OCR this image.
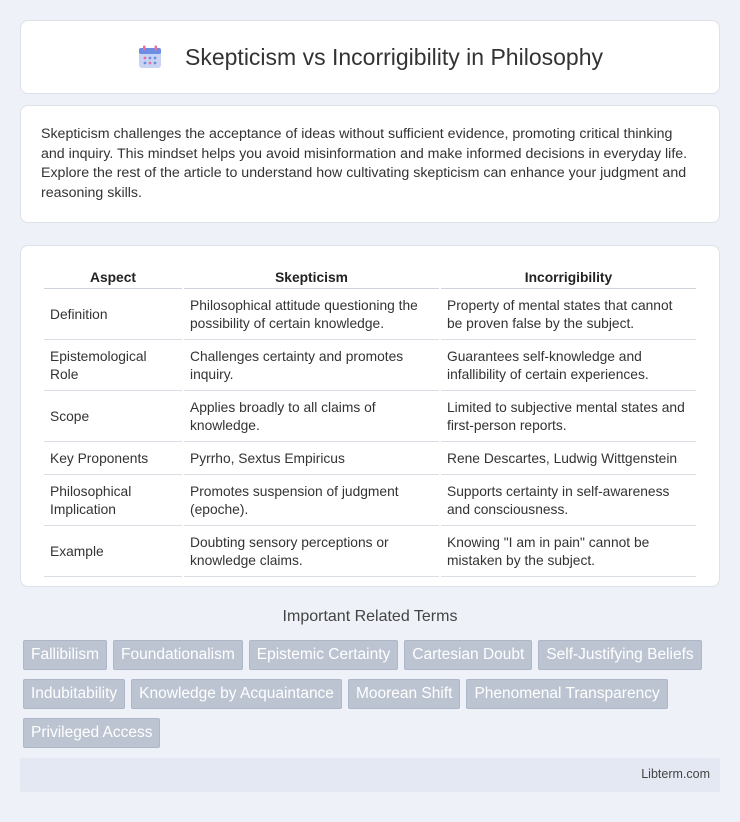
Skepticism vs Incorrigibility in Philosophy

Skepticism challenges the acceptance of ideas without sufficient evidence, promoting critical thinking and inquiry. This mindset helps you avoid misinformation and make informed decisions in everyday life. Explore the rest of the article to understand how cultivating skepticism can enhance your judgment and reasoning skills.

Aspect	Skepticism	Incorrigibility
Definition	Philosophical attitude questioning the possibility of certain knowledge.	Property of mental states that cannot be proven false by the subject.
Epistemological Role	Challenges certainty and promotes inquiry.	Guarantees self-knowledge and infallibility of certain experiences.
Scope	Applies broadly to all claims of knowledge.	Limited to subjective mental states and first-person reports.
Key Proponents	Pyrrho, Sextus Empiricus	Rene Descartes, Ludwig Wittgenstein
Philosophical Implication	Promotes suspension of judgment (epoche).	Supports certainty in self-awareness and consciousness.
Example	Doubting sensory perceptions or knowledge claims.	Knowing "I am in pain" cannot be mistaken by the subject.
Important Related Terms
Fallibilism	Foundationalism	Epistemic Certainty	Cartesian Doubt	Self-Justifying Beliefs
Indubitability	Knowledge by Acquaintance	Moorean Shift	Phenomenal Transparency
Privileged Access
Libterm.com
